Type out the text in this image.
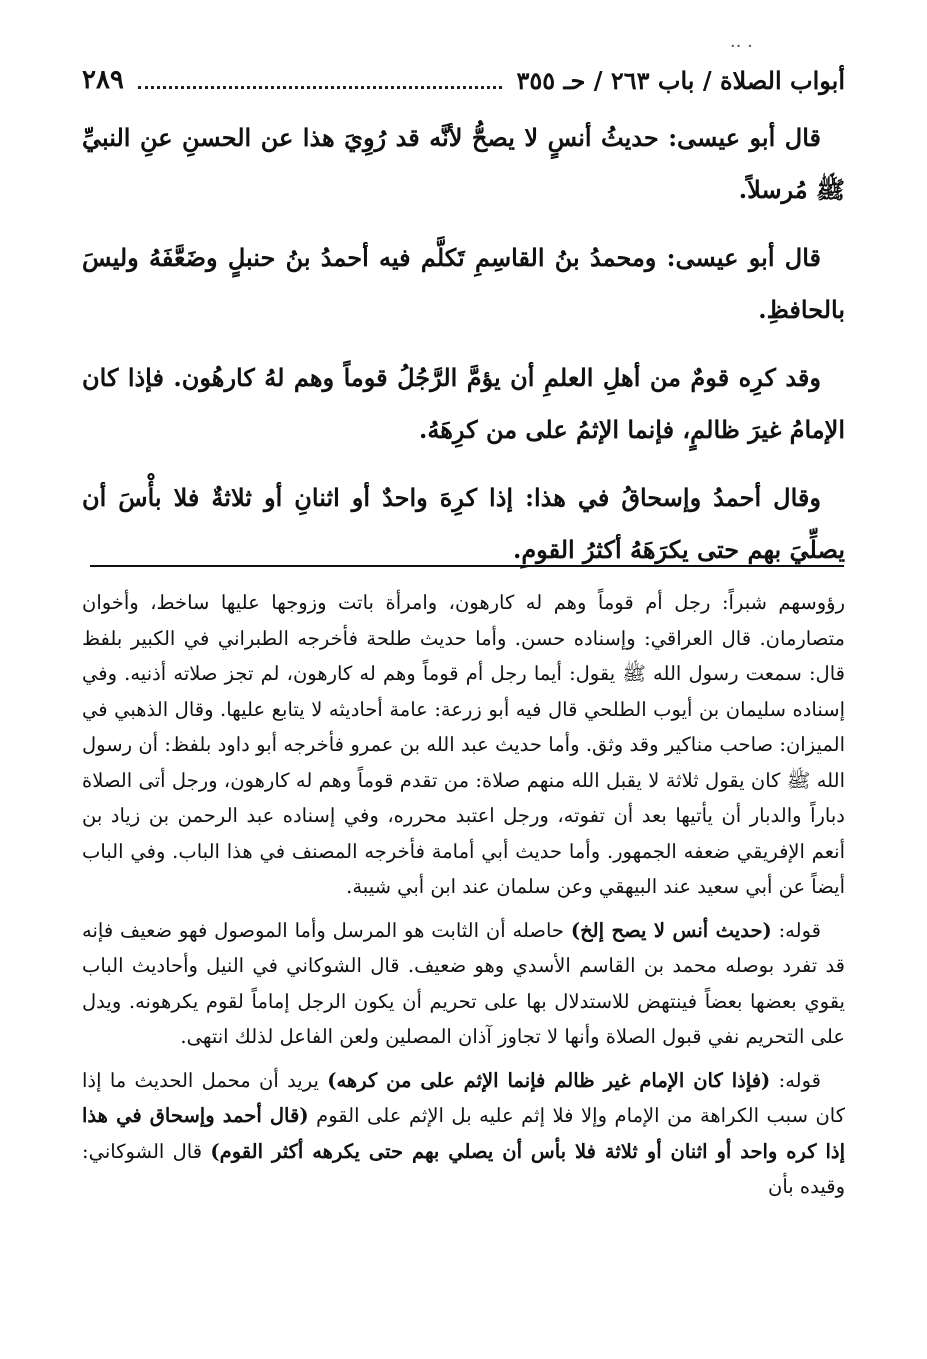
·· ·
٢٨٩	أبواب الصلاة / باب ٢٦٣ / حـ ٣٥٥

قال أبو عيسى: حديثُ أنسٍ لا يصحُّ لأنَّه قد رُوِيَ هذا عن الحسنِ عنِ النبيِّ ﷺ مُرسلاً.

قال أبو عيسى: ومحمدُ بنُ القاسِمِ تَكلَّم فيه أحمدُ بنُ حنبلٍ وضَعَّفَهُ وليسَ بالحافظِ.

وقد كرِه قومٌ من أهلِ العلمِ أن يؤمَّ الرَّجُلُ قوماً وهم لهُ كارهُون. فإذا كان الإمامُ غيرَ ظالمٍ، فإنما الإثمُ على من كرِهَهُ.

وقال أحمدُ وإسحاقُ في هذا: إذا كرِهَ واحدٌ أو اثنانِ أو ثلاثةٌ فلا بأْسَ أن يصلِّيَ بهم حتى يكرَهَهُ أكثرُ القومِ.

رؤوسهم شبراً: رجل أم قوماً وهم له كارهون، وامرأة باتت وزوجها عليها ساخط، وأخوان متصارمان. قال العراقي: وإسناده حسن. وأما حديث طلحة فأخرجه الطبراني في الكبير بلفظ قال: سمعت رسول الله ﷺ يقول: أيما رجل أم قوماً وهم له كارهون، لم تجز صلاته أذنيه. وفي إسناده سليمان بن أيوب الطلحي قال فيه أبو زرعة: عامة أحاديثه لا يتابع عليها. وقال الذهبي في الميزان: صاحب مناكير وقد وثق. وأما حديث عبد الله بن عمرو فأخرجه أبو داود بلفظ: أن رسول الله ﷺ كان يقول ثلاثة لا يقبل الله منهم صلاة: من تقدم قوماً وهم له كارهون، ورجل أتى الصلاة دباراً والدبار أن يأتيها بعد أن تفوته، ورجل اعتبد محرره، وفي إسناده عبد الرحمن بن زياد بن أنعم الإفريقي ضعفه الجمهور. وأما حديث أبي أمامة فأخرجه المصنف في هذا الباب. وفي الباب أيضاً عن أبي سعيد عند البيهقي وعن سلمان عند ابن أبي شيبة.

قوله: (حديث أنس لا يصح إلخ) حاصله أن الثابت هو المرسل وأما الموصول فهو ضعيف فإنه قد تفرد بوصله محمد بن القاسم الأسدي وهو ضعيف. قال الشوكاني في النيل وأحاديث الباب يقوي بعضها بعضاً فينتهض للاستدلال بها على تحريم أن يكون الرجل إماماً لقوم يكرهونه. ويدل على التحريم نفي قبول الصلاة وأنها لا تجاوز آذان المصلين ولعن الفاعل لذلك انتهى.

قوله: (فإذا كان الإمام غير ظالم فإنما الإثم على من كرهه) يريد أن محمل الحديث ما إذا كان سبب الكراهة من الإمام وإلا فلا إثم عليه بل الإثم على القوم (قال أحمد وإسحاق في هذا إذا كره واحد أو اثنان أو ثلاثة فلا بأس أن يصلي بهم حتى يكرهه أكثر القوم) قال الشوكاني: وقيده بأن
